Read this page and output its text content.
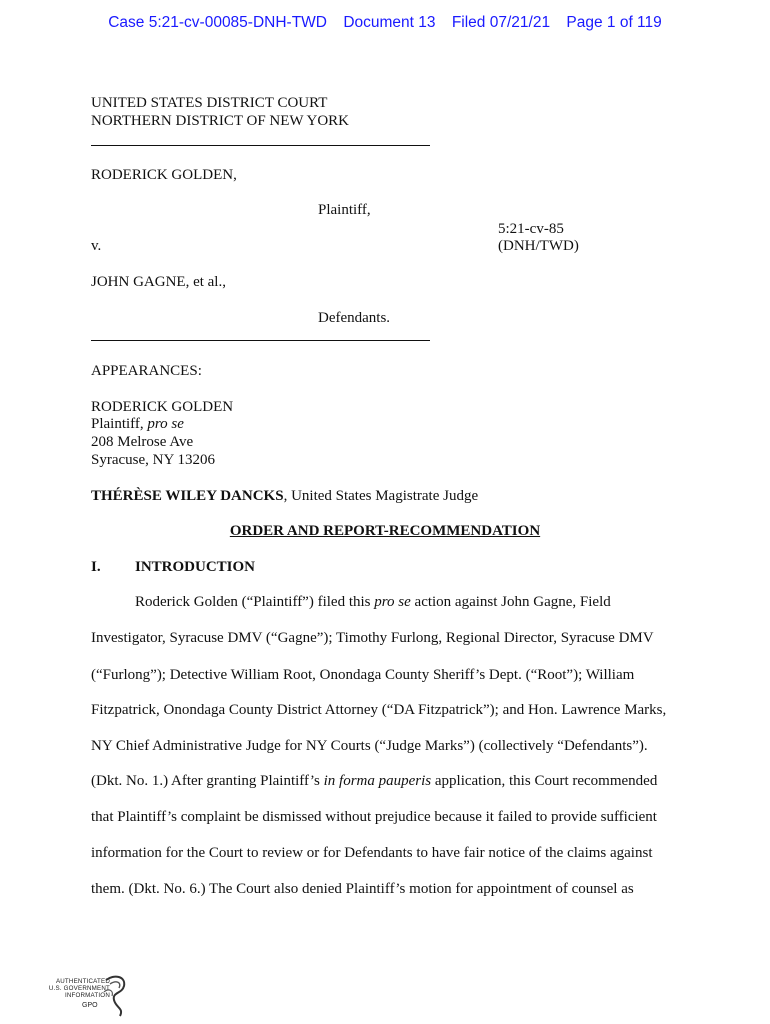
Case 5:21-cv-00085-DNH-TWD Document 13 Filed 07/21/21 Page 1 of 119
UNITED STATES DISTRICT COURT
NORTHERN DISTRICT OF NEW YORK
RODERICK GOLDEN,
Plaintiff,
5:21-cv-85
v.	(DNH/TWD)
JOHN GAGNE, et al.,
Defendants.
APPEARANCES:
RODERICK GOLDEN
Plaintiff, pro se
208 Melrose Ave
Syracuse, NY 13206
THÉRÈSE WILEY DANCKS, United States Magistrate Judge
ORDER AND REPORT-RECOMMENDATION
I. INTRODUCTION
Roderick Golden (“Plaintiff”) filed this pro se action against John Gagne, Field
Investigator, Syracuse DMV (“Gagne”); Timothy Furlong, Regional Director, Syracuse DMV
(“Furlong”); Detective William Root, Onondaga County Sheriff’s Dept. (“Root”); William
Fitzpatrick, Onondaga County District Attorney (“DA Fitzpatrick”); and Hon. Lawrence Marks,
NY Chief Administrative Judge for NY Courts (“Judge Marks”) (collectively “Defendants”).
(Dkt. No. 1.) After granting Plaintiff’s in forma pauperis application, this Court recommended
that Plaintiff’s complaint be dismissed without prejudice because it failed to provide sufficient
information for the Court to review or for Defendants to have fair notice of the claims against
them. (Dkt. No. 6.) The Court also denied Plaintiff’s motion for appointment of counsel as
AUTHENTICATED
U.S. GOVERNMENT
INFORMATION
GPO
